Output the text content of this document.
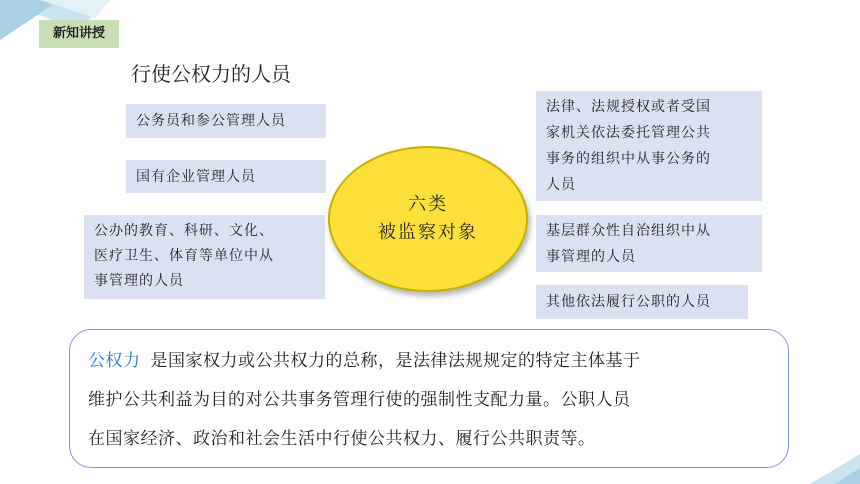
新知讲授
行使公权力的人员
公务员和参公管理人员
国有企业管理人员
公办的教育、科研、文化、
医疗卫生、体育等单位中从
事管理的人员
六类
被监察对象
法律、法规授权或者受国
家机关依法委托管理公共
事务的组织中从事公务的
人员
基层群众性自治组织中从
事管理的人员
其他依法履行公职的人员
公权力 是国家权力或公共权力的总称，是法律法规规定的特定主体基于
维护公共利益为目的对公共事务管理行使的强制性支配力量。公职人员
在国家经济、政治和社会生活中行使公共权力、履行公共职责等。
